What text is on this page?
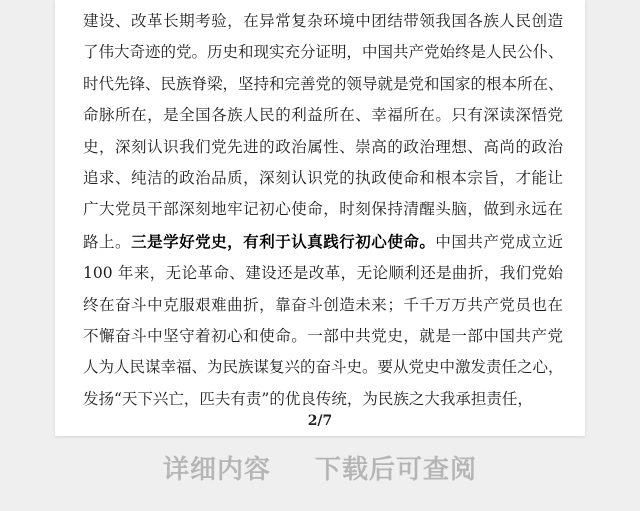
建设、改革长期考验，在异常复杂环境中团结带领我国各族人民创造
了伟大奇迹的党。历史和现实充分证明，中国共产党始终是人民公仆、
时代先锋、民族脊梁，坚持和完善党的领导就是党和国家的根本所在、
命脉所在，是全国各族人民的利益所在、幸福所在。只有深读深悟党
史，深刻认识我们党先进的政治属性、崇高的政治理想、高尚的政治
追求、纯洁的政治品质，深刻认识党的执政使命和根本宗旨，才能让
广大党员干部深刻地牢记初心使命，时刻保持清醒头脑，做到永远在
路上。三是学好党史，有利于认真践行初心使命。中国共产党成立近
100 年来，无论革命、建设还是改革，无论顺利还是曲折，我们党始
终在奋斗中克服艰难曲折，靠奋斗创造未来；千千万万共产党员也在
不懈奋斗中坚守着初心和使命。一部中共党史，就是一部中国共产党
人为人民谋幸福、为民族谋复兴的奋斗史。要从党史中激发责任之心，
发扬“天下兴亡，匹夫有责”的优良传统，为民族之大我承担责任，
2/7
详细内容 下载后可查阅
